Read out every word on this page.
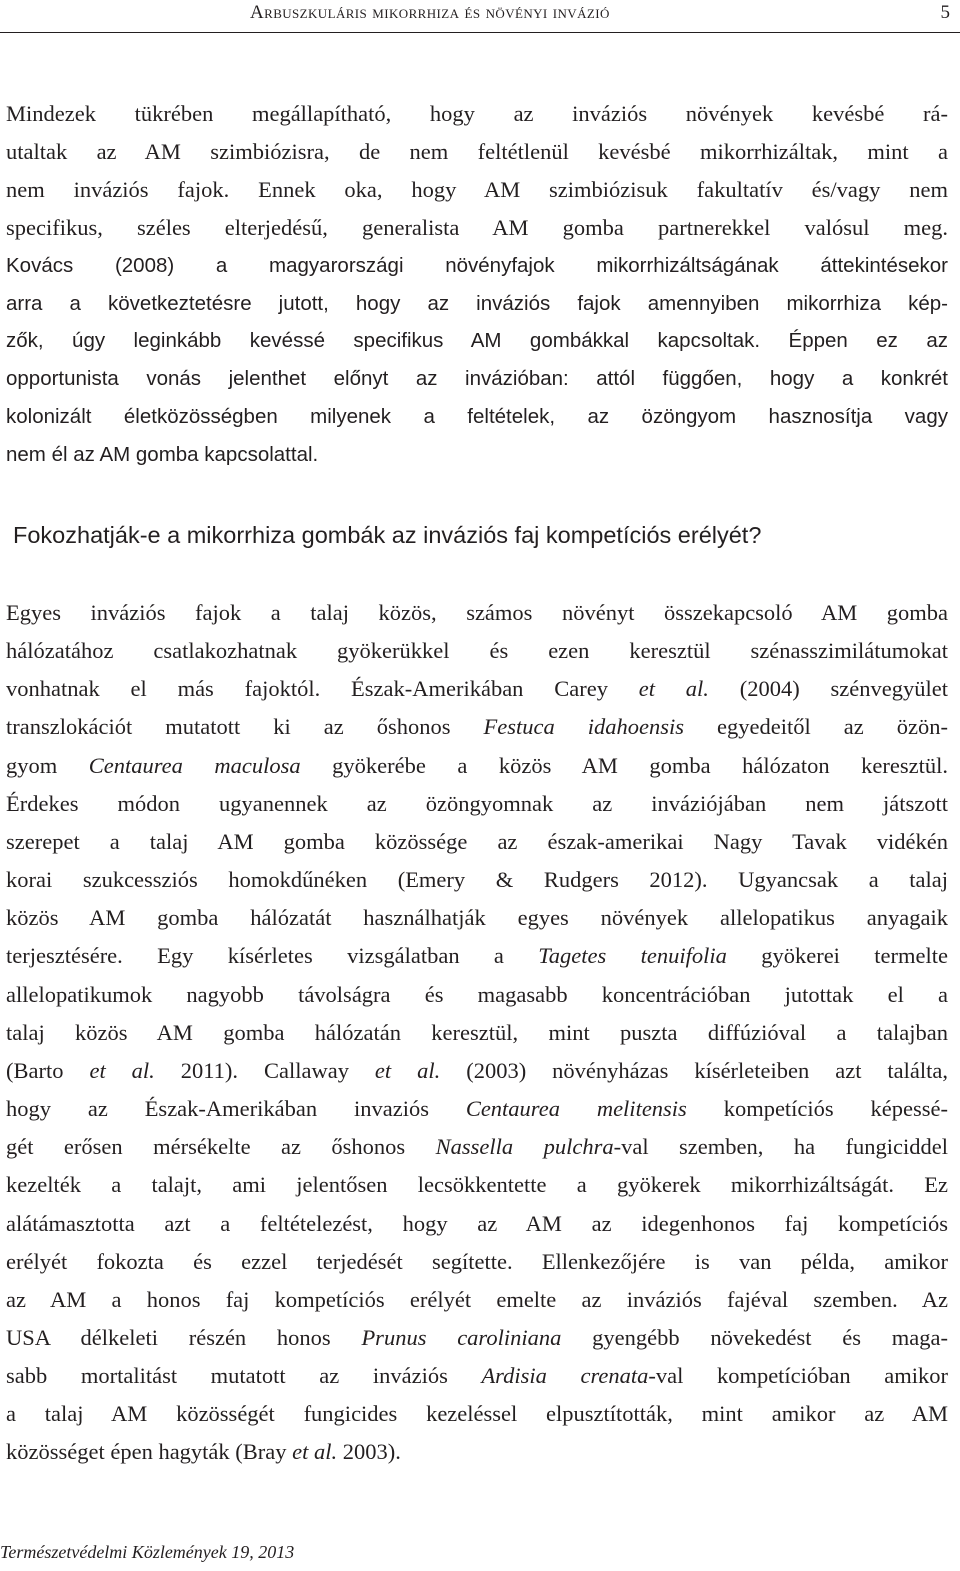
Arbuszkuláris mikorrhiza és növényi invázió	5
Mindezek tükrében megállapítható, hogy az inváziós növények kevésbé rá-
utaltak az AM szimbiózisra, de nem feltétlenül kevésbé mikorrhizáltak, mint a
nem inváziós fajok. Ennek oka, hogy AM szimbiózisuk fakultatív és/vagy nem
specifikus, széles elterjedésű, generalista AM gomba partnerekkel valósul meg.
Kovács (2008) a magyarországi növényfajok mikorrhizáltságának áttekintésekor
arra a következtetésre jutott, hogy az inváziós fajok amennyiben mikorrhiza kép-
zők, úgy leginkább kevéssé specifikus AM gombákkal kapcsoltak. Éppen ez az
opportunista vonás jelenthet előnyt az invázióban: attól függően, hogy a konkrét
kolonizált életközösségben milyenek a feltételek, az özöngyom hasznosítja vagy
nem él az AM gomba kapcsolattal.
Fokozhatják-e a mikorrhiza gombák az inváziós faj kompetíciós erélyét?
Egyes inváziós fajok a talaj közös, számos növényt összekapcsoló AM gomba
hálózatához csatlakozhatnak gyökerükkel és ezen keresztül szénasszimilátumokat
vonhatnak el más fajoktól. Észak-Amerikában Carey et al. (2004) szénvegyület
transzlokációt mutatott ki az őshonos Festuca idahoensis egyedeitől az özön-
gyom Centaurea maculosa gyökerébe a közös AM gomba hálózaton keresztül.
Érdekes módon ugyanennek az özöngyomnak az inváziójában nem játszott
szerepet a talaj AM gomba közössége az észak-amerikai Nagy Tavak vidékén
korai szukcessziós homokdűnéken (Emery & Rudgers 2012). Ugyancsak a talaj
közös AM gomba hálózatát használhatják egyes növények allelopatikus anyagaik
terjesztésére. Egy kísérletes vizsgálatban a Tagetes tenuifolia gyökerei termelte
allelopatikumok nagyobb távolságra és magasabb koncentrációban jutottak el a
talaj közös AM gomba hálózatán keresztül, mint puszta diffúzióval a talajban
(Barto et al. 2011). Callaway et al. (2003) növényházas kísérleteiben azt találta,
hogy az Észak-Amerikában invaziós Centaurea melitensis kompetíciós képessé-
gét erősen mérsékelte az őshonos Nassella pulchra-val szemben, ha fungiciddel
kezelték a talajt, ami jelentősen lecsökkentette a gyökerek mikorrhizáltságát. Ez
alátámasztotta azt a feltételezést, hogy az AM az idegenhonos faj kompetíciós
erélyét fokozta és ezzel terjedését segítette. Ellenkezőjére is van példa, amikor
az AM a honos faj kompetíciós erélyét emelte az inváziós fajéval szemben. Az
USA délkeleti részén honos Prunus caroliniana gyengébb növekedést és maga-
sabb mortalitást mutatott az inváziós Ardisia crenata-val kompetícióban amikor
a talaj AM közösségét fungicides kezeléssel elpusztították, mint amikor az AM
közösséget épen hagyták (Bray et al. 2003).
Természetvédelmi Közlemények 19, 2013
